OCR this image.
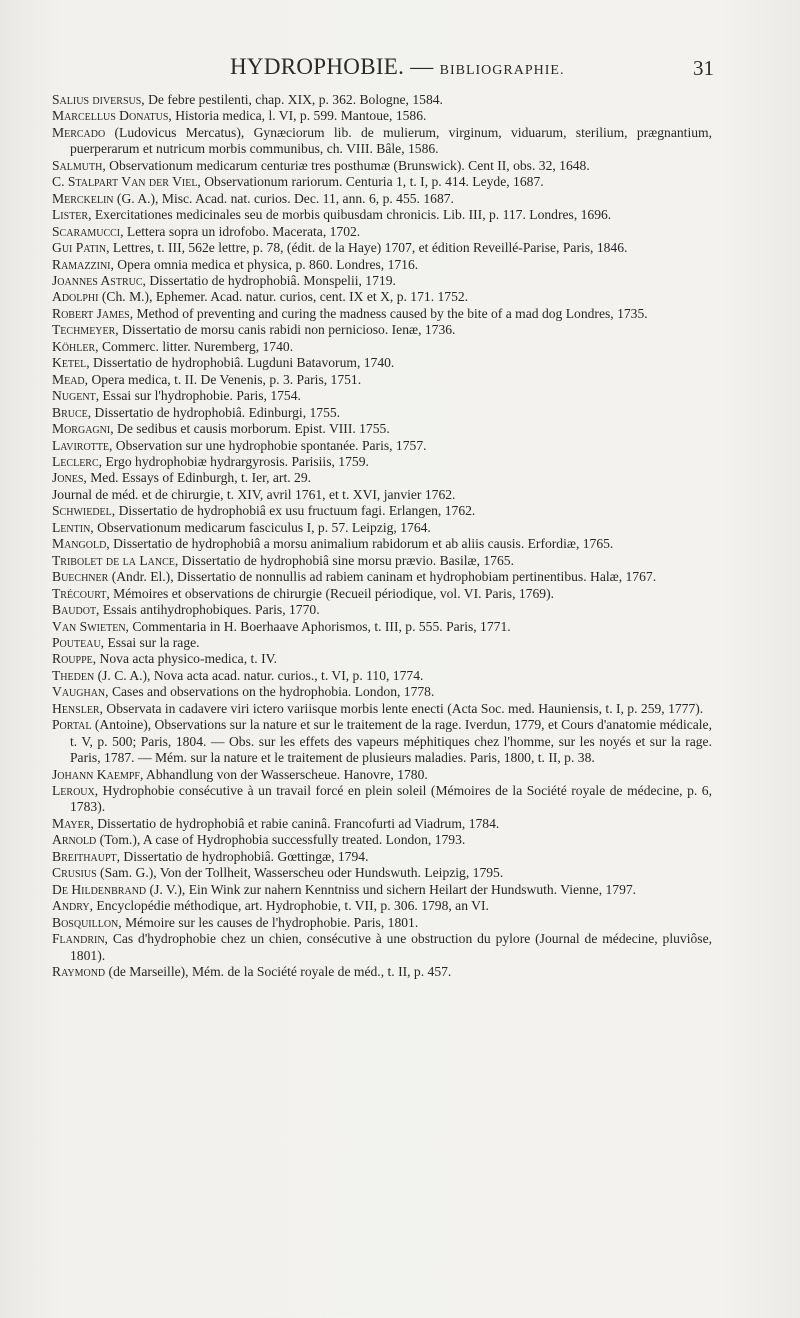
HYDROPHOBIE. — BIBLIOGRAPHIE.	31

Salius diversus, De febre pestilenti, chap. XIX, p. 362. Bologne, 1584.

Marcellus Donatus, Historia medica, l. VI, p. 599. Mantoue, 1586.

Mercado (Ludovicus Mercatus), Gynæciorum lib. de mulierum, virginum, viduarum, sterilium, prægnantium, puerperarum et nutricum morbis communibus, ch. VIII. Bâle, 1586.

Salmuth, Observationum medicarum centuriæ tres posthumæ (Brunswick). Cent II, obs. 32, 1648.

C. Stalpart Van der Viel, Observationum rariorum. Centuria 1, t. I, p. 414. Leyde, 1687.

Merckelin (G. A.), Misc. Acad. nat. curios. Dec. 11, ann. 6, p. 455. 1687.

Lister, Exercitationes medicinales seu de morbis quibusdam chronicis. Lib. III, p. 117. Londres, 1696.

Scaramucci, Lettera sopra un idrofobo. Macerata, 1702.

Gui Patin, Lettres, t. III, 562e lettre, p. 78, (édit. de la Haye) 1707, et édition Reveillé-Parise, Paris, 1846.

Ramazzini, Opera omnia medica et physica, p. 860. Londres, 1716.

Joannes Astruc, Dissertatio de hydrophobiâ. Monspelii, 1719.

Adolphi (Ch. M.), Ephemer. Acad. natur. curios, cent. IX et X, p. 171. 1752.

Robert James, Method of preventing and curing the madness caused by the bite of a mad dog Londres, 1735.

Techmeyer, Dissertatio de morsu canis rabidi non pernicioso. Ienæ, 1736.

Köhler, Commerc. litter. Nuremberg, 1740.

Ketel, Dissertatio de hydrophobiâ. Lugduni Batavorum, 1740.

Mead, Opera medica, t. II. De Venenis, p. 3. Paris, 1751.

Nugent, Essai sur l'hydrophobie. Paris, 1754.

Bruce, Dissertatio de hydrophobiâ. Edinburgi, 1755.

Morgagni, De sedibus et causis morborum. Epist. VIII. 1755.

Lavirotte, Observation sur une hydrophobie spontanée. Paris, 1757.

Leclerc, Ergo hydrophobiæ hydrargyrosis. Parisiis, 1759.

Jones, Med. Essays of Edinburgh, t. Ier, art. 29.

Journal de méd. et de chirurgie, t. XIV, avril 1761, et t. XVI, janvier 1762.

Schwiedel, Dissertatio de hydrophobiâ ex usu fructuum fagi. Erlangen, 1762.

Lentin, Observationum medicarum fasciculus I, p. 57. Leipzig, 1764.

Mangold, Dissertatio de hydrophobiâ a morsu animalium rabidorum et ab aliis causis. Erfordiæ, 1765.

Tribolet de la Lance, Dissertatio de hydrophobiâ sine morsu prævio. Basilæ, 1765.

Buechner (Andr. El.), Dissertatio de nonnullis ad rabiem caninam et hydrophobiam pertinentibus. Halæ, 1767.

Trécourt, Mémoires et observations de chirurgie (Recueil périodique, vol. VI. Paris, 1769).

Baudot, Essais antihydrophobiques. Paris, 1770.

Van Swieten, Commentaria in H. Boerhaave Aphorismos, t. III, p. 555. Paris, 1771.

Pouteau, Essai sur la rage.

Rouppe, Nova acta physico-medica, t. IV.

Theden (J. C. A.), Nova acta acad. natur. curios., t. VI, p. 110, 1774.

Vaughan, Cases and observations on the hydrophobia. London, 1778.

Hensler, Observata in cadavere viri ictero variisque morbis lente enecti (Acta Soc. med. Hauniensis, t. I, p. 259, 1777).

Portal (Antoine), Observations sur la nature et sur le traitement de la rage. Iverdun, 1779, et Cours d'anatomie médicale, t. V, p. 500; Paris, 1804. — Obs. sur les effets des vapeurs méphitiques chez l'homme, sur les noyés et sur la rage. Paris, 1787. — Mém. sur la nature et le traitement de plusieurs maladies. Paris, 1800, t. II, p. 38.

Johann Kaempf, Abhandlung von der Wasserscheue. Hanovre, 1780.

Leroux, Hydrophobie consécutive à un travail forcé en plein soleil (Mémoires de la Société royale de médecine, p. 6, 1783).

Mayer, Dissertatio de hydrophobiâ et rabie caninâ. Francofurti ad Viadrum, 1784.

Arnold (Tom.), A case of Hydrophobia successfully treated. London, 1793.

Breithaupt, Dissertatio de hydrophobiâ. Gœttingæ, 1794.

Crusius (Sam. G.), Von der Tollheit, Wasserscheu oder Hundswuth. Leipzig, 1795.

De Hildenbrand (J. V.), Ein Wink zur nahern Kenntniss und sichern Heilart der Hundswuth. Vienne, 1797.

Andry, Encyclopédie méthodique, art. Hydrophobie, t. VII, p. 306. 1798, an VI.

Bosquillon, Mémoire sur les causes de l'hydrophobie. Paris, 1801.

Flandrin, Cas d'hydrophobie chez un chien, consécutive à une obstruction du pylore (Journal de médecine, pluviôse, 1801).

Raymond (de Marseille), Mém. de la Société royale de méd., t. II, p. 457.
